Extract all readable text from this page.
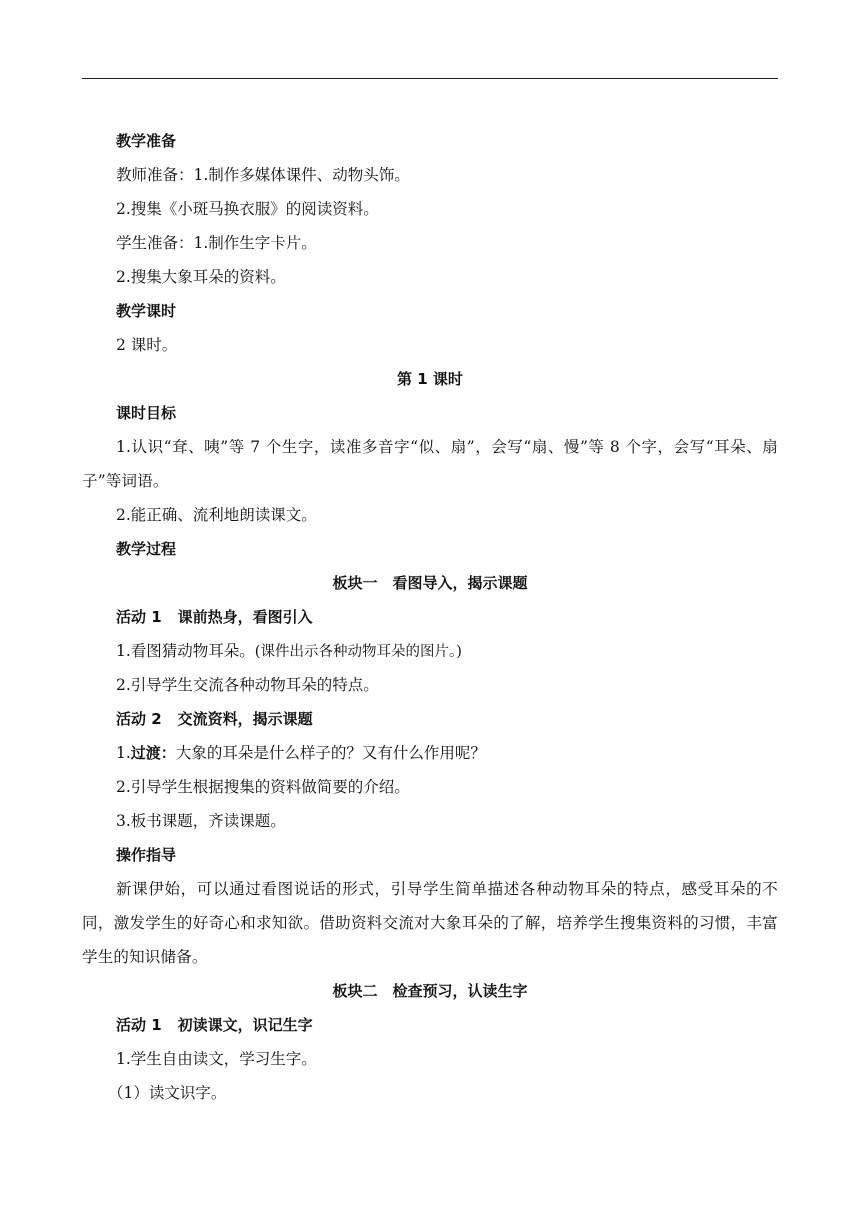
教学准备
教师准备：1.制作多媒体课件、动物头饰。
2.搜集《小斑马换衣服》的阅读资料。
学生准备：1.制作生字卡片。
2.搜集大象耳朵的资料。
教学课时
2 课时。
第 1 课时
课时目标
1.认识“耷、咦”等 7 个生字，读准多音字“似、扇”，会写“扇、慢”等 8 个字，会写“耳朵、扇子”等词语。
2.能正确、流利地朗读课文。
教学过程
板块一　看图导入，揭示课题
活动 1 课前热身，看图引入
1.看图猜动物耳朵。(课件出示各种动物耳朵的图片。)
2.引导学生交流各种动物耳朵的特点。
活动 2 交流资料，揭示课题
1.过渡：大象的耳朵是什么样子的？又有什么作用呢？
2.引导学生根据搜集的资料做简要的介绍。
3.板书课题，齐读课题。
操作指导
新课伊始，可以通过看图说话的形式，引导学生简单描述各种动物耳朵的特点，感受耳朵的不同，激发学生的好奇心和求知欲。借助资料交流对大象耳朵的了解，培养学生搜集资料的习惯，丰富学生的知识储备。
板块二　检查预习，认读生字
活动 1 初读课文，识记生字
1.学生自由读文，学习生字。
（1）读文识字。
